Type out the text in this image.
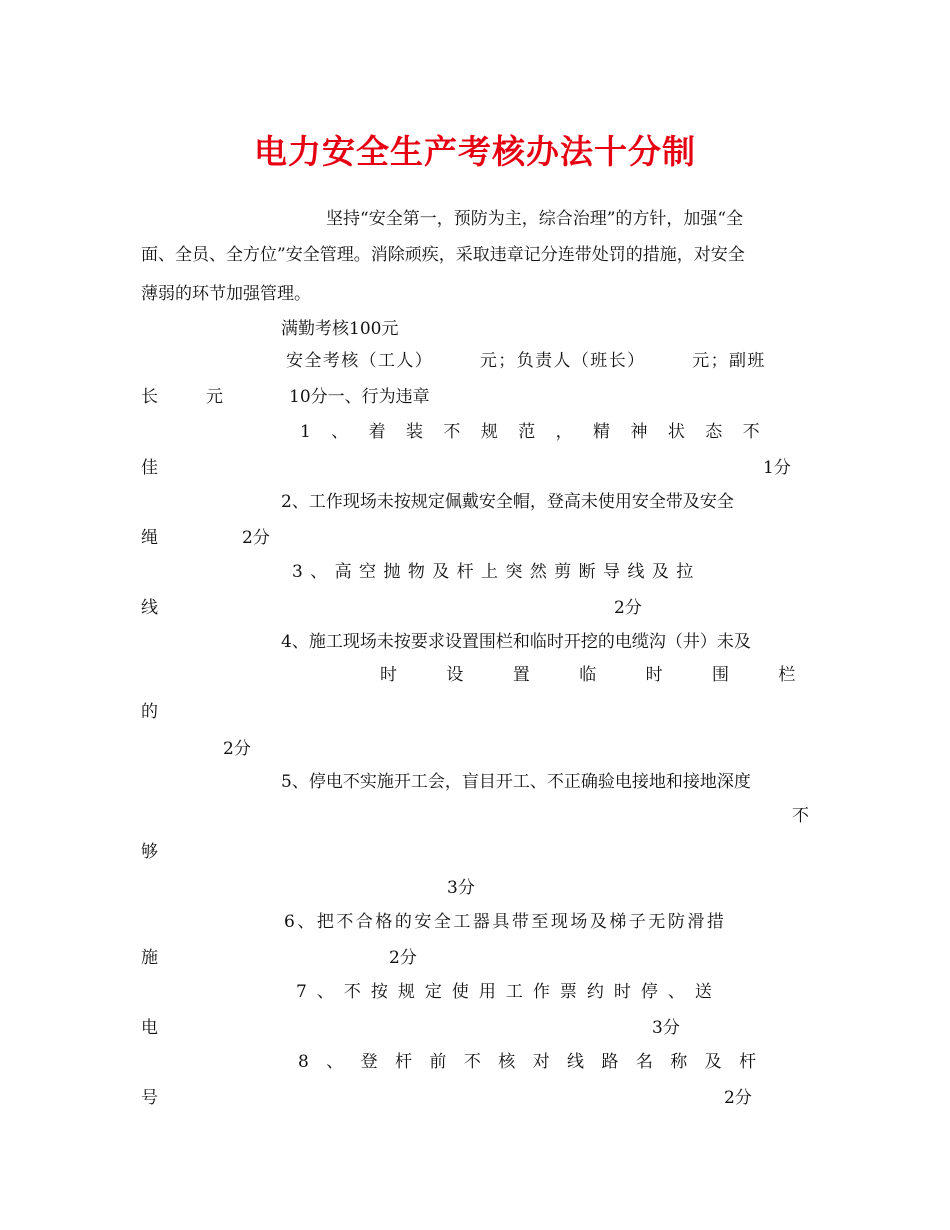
电力安全生产考核办法十分制
坚持“安全第一，预防为主，综合治理”的方针，加强“全
面、全员、全方位”安全管理。消除顽疾，采取违章记分连带处罚的措施，对安全
薄弱的环节加强管理。
满勤考核100元
安全考核（工人）　　　元；负责人（班长）　　　元；副班
长	元	10分一、行为违章
1 、 着 装 不 规 范 ， 精 神 状 态 不
佳	1分
2、工作现场未按规定佩戴安全帽，登高未使用安全带及安全
绳	2分
3 、 高 空 抛 物 及 杆 上 突 然 剪 断 导 线 及 拉
线	2分
4、施工现场未按要求设置围栏和临时开挖的电缆沟（井）未及
时 设 置 临 时 围 栏
的
2分
5、停电不实施开工会，盲目开工、不正确验电接地和接地深度
不
够
3分
6、把不合格的安全工器具带至现场及梯子无防滑措
施	2分
7 、 不 按 规 定 使 用 工 作 票 约 时 停 、 送
电	3分
8 、 登 杆 前 不 核 对 线 路 名 称 及 杆
号	2分
